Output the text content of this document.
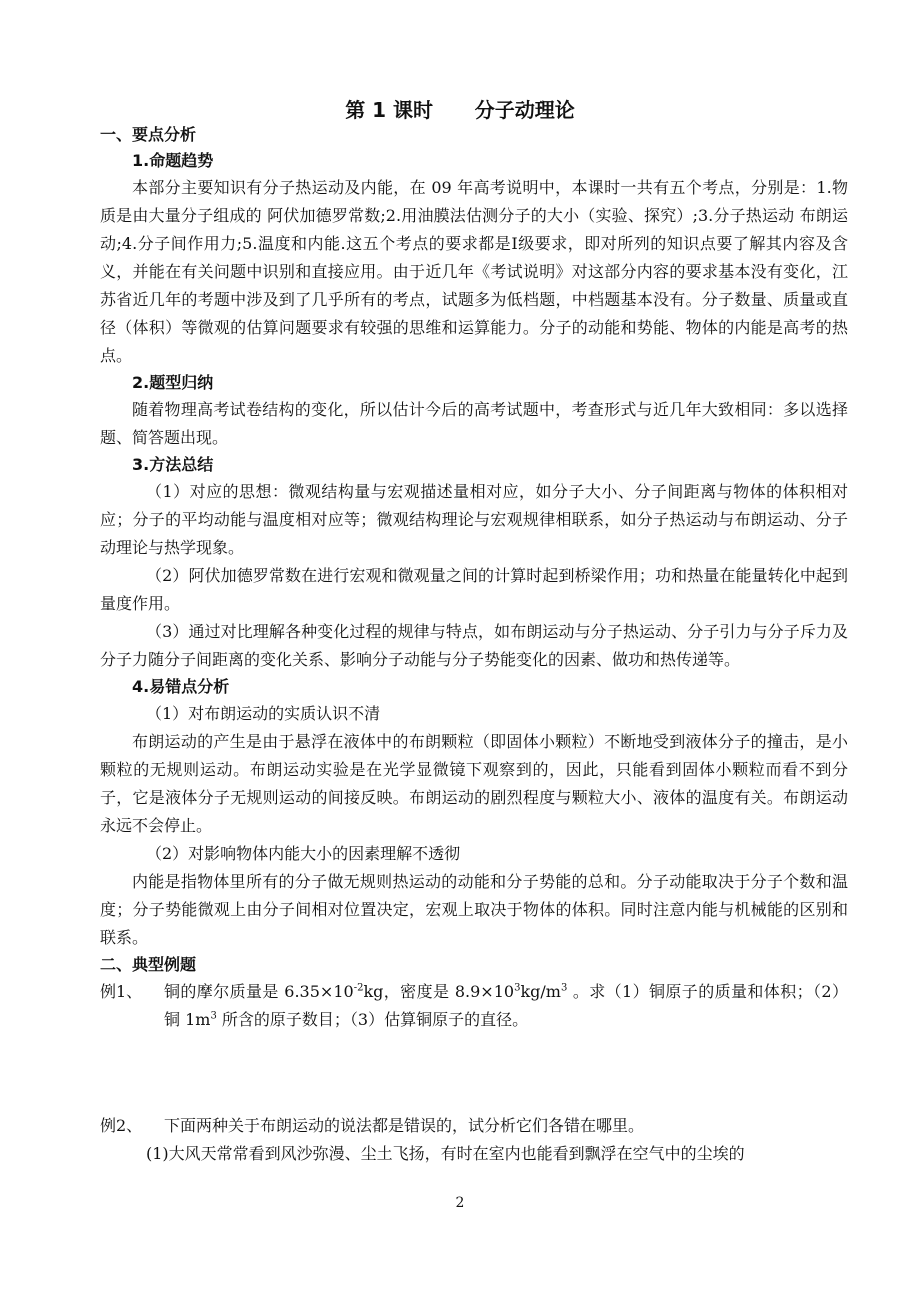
第 1 课时      分子动理论
一、要点分析
1.命题趋势

本部分主要知识有分子热运动及内能，在 09 年高考说明中，本课时一共有五个考点，分别是：1.物质是由大量分子组成的 阿伏加德罗常数;2.用油膜法估测分子的大小（实验、探究）;3.分子热运动 布朗运动;4.分子间作用力;5.温度和内能.这五个考点的要求都是Ⅰ级要求，即对所列的知识点要了解其内容及含义，并能在有关问题中识别和直接应用。由于近几年《考试说明》对这部分内容的要求基本没有变化，江苏省近几年的考题中涉及到了几乎所有的考点，试题多为低档题，中档题基本没有。分子数量、质量或直径（体积）等微观的估算问题要求有较强的思维和运算能力。分子的动能和势能、物体的内能是高考的热点。

2.题型归纳

随着物理高考试卷结构的变化，所以估计今后的高考试题中，考查形式与近几年大致相同：多以选择题、简答题出现。

3.方法总结

（1）对应的思想：微观结构量与宏观描述量相对应，如分子大小、分子间距离与物体的体积相对应；分子的平均动能与温度相对应等；微观结构理论与宏观规律相联系，如分子热运动与布朗运动、分子动理论与热学现象。

（2）阿伏加德罗常数在进行宏观和微观量之间的计算时起到桥梁作用；功和热量在能量转化中起到量度作用。

（3）通过对比理解各种变化过程的规律与特点，如布朗运动与分子热运动、分子引力与分子斥力及分子力随分子间距离的变化关系、影响分子动能与分子势能变化的因素、做功和热传递等。

4.易错点分析
（1）对布朗运动的实质认识不清

布朗运动的产生是由于悬浮在液体中的布朗颗粒（即固体小颗粒）不断地受到液体分子的撞击，是小颗粒的无规则运动。布朗运动实验是在光学显微镜下观察到的，因此，只能看到固体小颗粒而看不到分子，它是液体分子无规则运动的间接反映。布朗运动的剧烈程度与颗粒大小、液体的温度有关。布朗运动永远不会停止。

（2）对影响物体内能大小的因素理解不透彻

内能是指物体里所有的分子做无规则热运动的动能和分子势能的总和。分子动能取决于分子个数和温度；分子势能微观上由分子间相对位置决定，宏观上取决于物体的体积。同时注意内能与机械能的区别和联系。

二、典型例题
例1、	铜的摩尔质量是 $6.35\times 10^{-2}kg$，密度是 $8.9\times 10^3kg/m^3$ 。求（1）铜原子的质量和体积；（2）铜 $1m^3$ 所含的原子数目；（3）估算铜原子的直径。
例2、	下面两种关于布朗运动的说法都是错误的，试分析它们各错在哪里。
(1)大风天常常看到风沙弥漫、尘土飞扬，有时在室内也能看到飘浮在空气中的尘埃的
2
